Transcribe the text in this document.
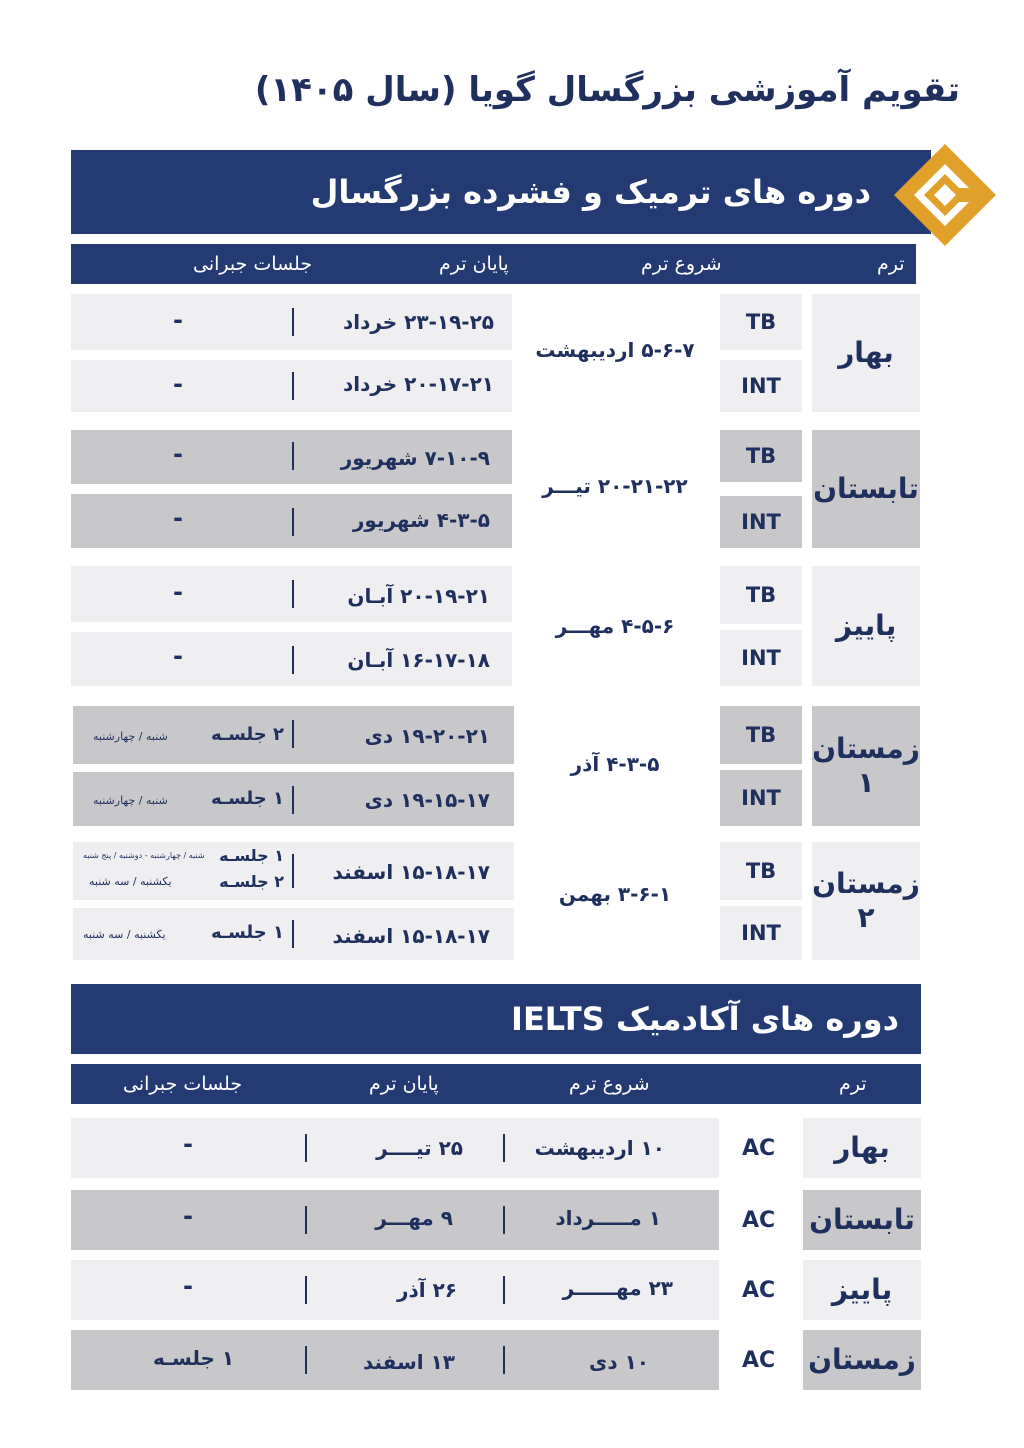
تقویم آموزشی بزرگسال گویا (سال ۱۴۰۵)
دوره های ترمیک و فشرده بزرگسال
ترم
شروع ترم
پایان ترم
جلسات جبرانی
بهار
TB
INT
۵-۶-۷ اردیبهشت
۲۳-۱۹-۲۵ خرداد
-
۲۰-۱۷-۲۱ خرداد
-
تابستان
TB
INT
۲۰-۲۱-۲۲ تیـــر
۷-۱۰-۹ شهریور
-
۴-۳-۵ شهریور
-
پاییز
TB
INT
۴-۵-۶ مهـــر
۲۰-۱۹-۲۱ آبـان
-
۱۶-۱۷-۱۸ آبـان
-
زمستان ۱
TB
INT
۴-۳-۵ آذر
۱۹-۲۰-۲۱ دی
۲ جلسـه
شنبه / چهارشنبه
۱۹-۱۵-۱۷ دی
۱ جلسـه
شنبه / چهارشنبه
زمستان ۲
TB
INT
۳-۶-۱ بهمن
۱۵-۱۸-۱۷ اسفند
۱ جلسـه
شنبه / چهارشنبه - دوشنبه / پنج شنبه
۲ جلسـه
یکشنبه / سه شنبه
۱۵-۱۸-۱۷ اسفند
۱ جلسـه
یکشنبه / سه شنبه
دوره های آکادمیک IELTS
ترم
شروع ترم
پایان ترم
جلسات جبرانی
بهار
AC
۱۰ اردیبهشت
۲۵ تیــــر
-
تابستان
AC
۱ مـــــرداد
۹ مهـــر
-
پاییز
AC
۲۳ مهــــــر
۲۶ آذر
-
زمستان
AC
۱۰ دی
۱۳ اسفند
۱ جلسـه
